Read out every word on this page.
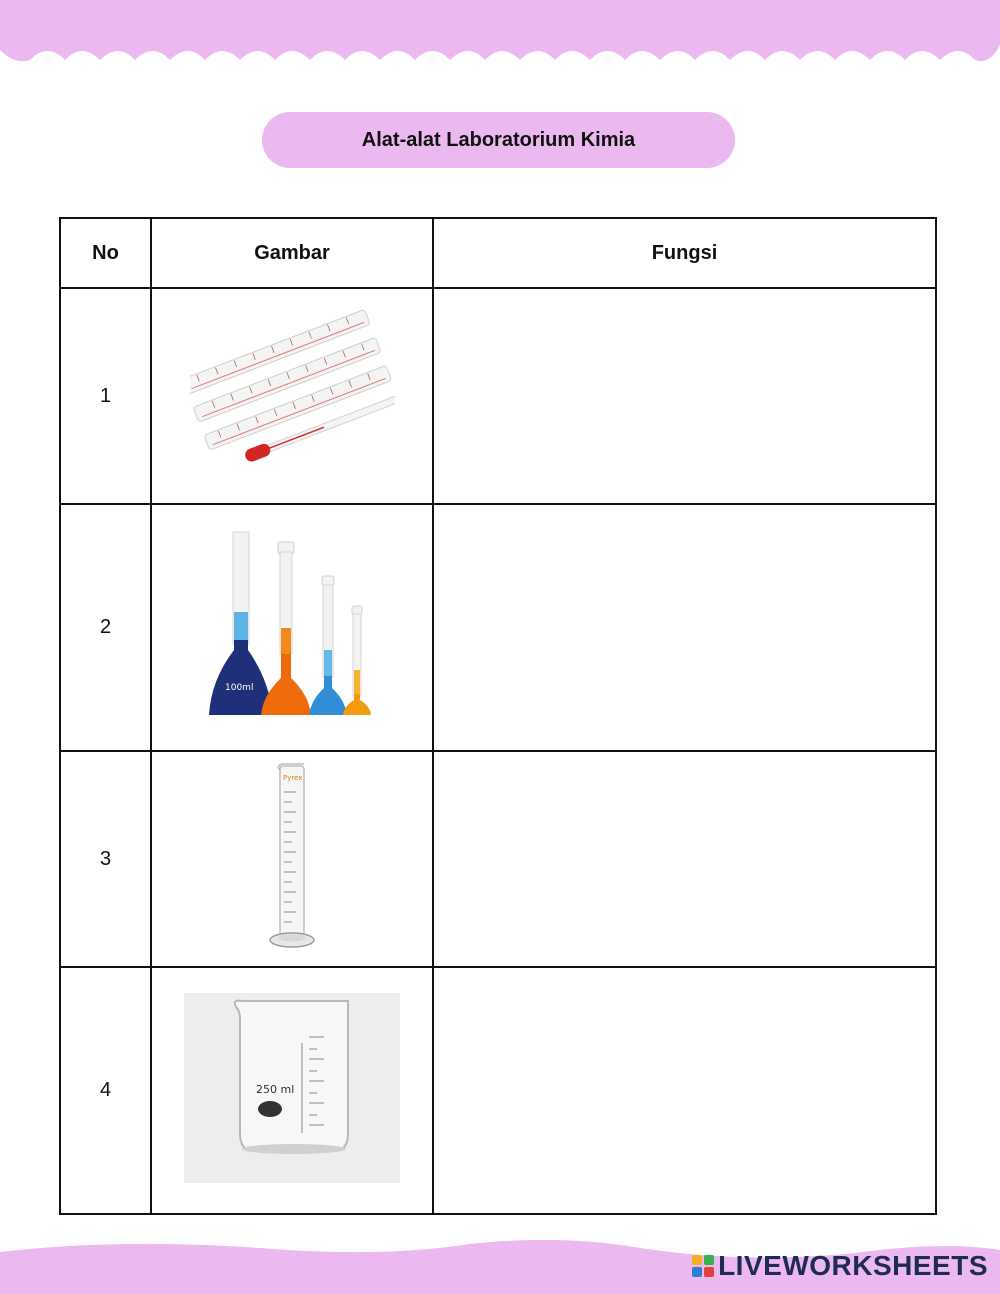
Alat-alat Laboratorium Kimia
No	Gambar	Fungsi
1		
2	100ml	

3	Pyrex	

4	250 ml	

LIVEWORKSHEETS
